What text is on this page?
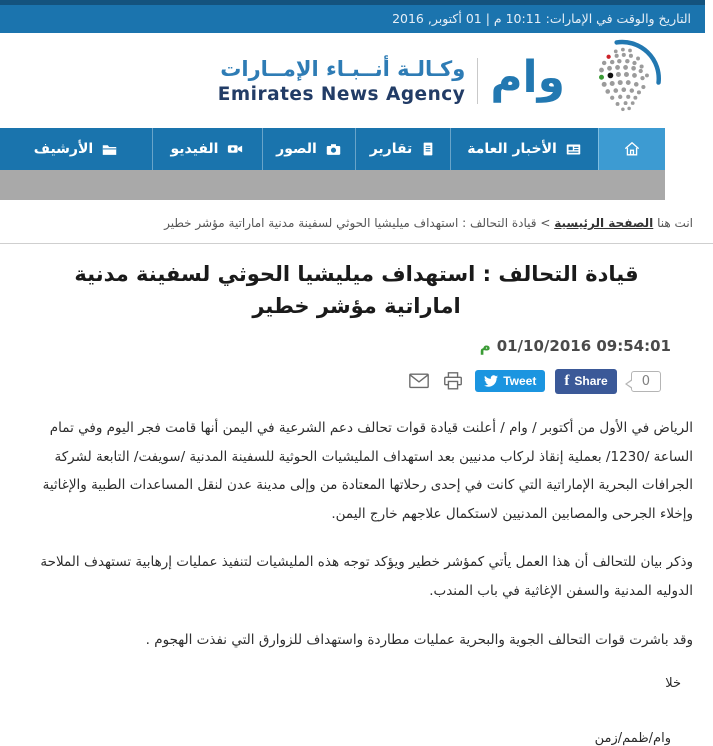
التاريخ والوقت في الإمارات: 10:11 م | 01 أكتوبر, 2016
وكـالـة أنــبـاء الإمــارات
Emirates News Agency وام
الأخبار العامة
تقارير
الصور
الفيديو
الأرشيف
انت هنا الصفحة الرئيسية > قيادة التحالف : استهداف ميليشيا الحوثي لسفينة مدنية اماراتية مؤشر خطير
قيادة التحالف : استهداف ميليشيا الحوثي لسفينة مدنية اماراتية مؤشر خطير
09:54:01 01/10/2016
م
Tweet f Share	0

الرياض في الأول من أكتوبر / وام / أعلنت قيادة قوات تحالف دعم الشرعية في اليمن أنها قامت فجر اليوم وفي تمام الساعة /1230/ بعملية إنقاذ لركاب مدنيين بعد استهداف المليشيات الحوثية للسفينة المدنية /سويفت/ التابعة لشركة الجرافات البحرية الإماراتية التي كانت في إحدى رحلاتها المعتادة من وإلى مدينة عدن لنقل المساعدات الطبية والإغاثية وإخلاء الجرحى والمصابين المدنيين لاستكمال علاجهم خارج اليمن.

وذكر بيان للتحالف أن هذا العمل يأتي كمؤشر خطير ويؤكد توجه هذه المليشيات لتنفيذ عمليات إرهابية تستهدف الملاحة الدوليه المدنية والسفن الإغاثية في باب المندب.

وقد باشرت قوات التحالف الجوية والبحرية عمليات مطاردة واستهداف للزوارق التي نفذت الهجوم .

خلا
وام/ظمم/زمن
